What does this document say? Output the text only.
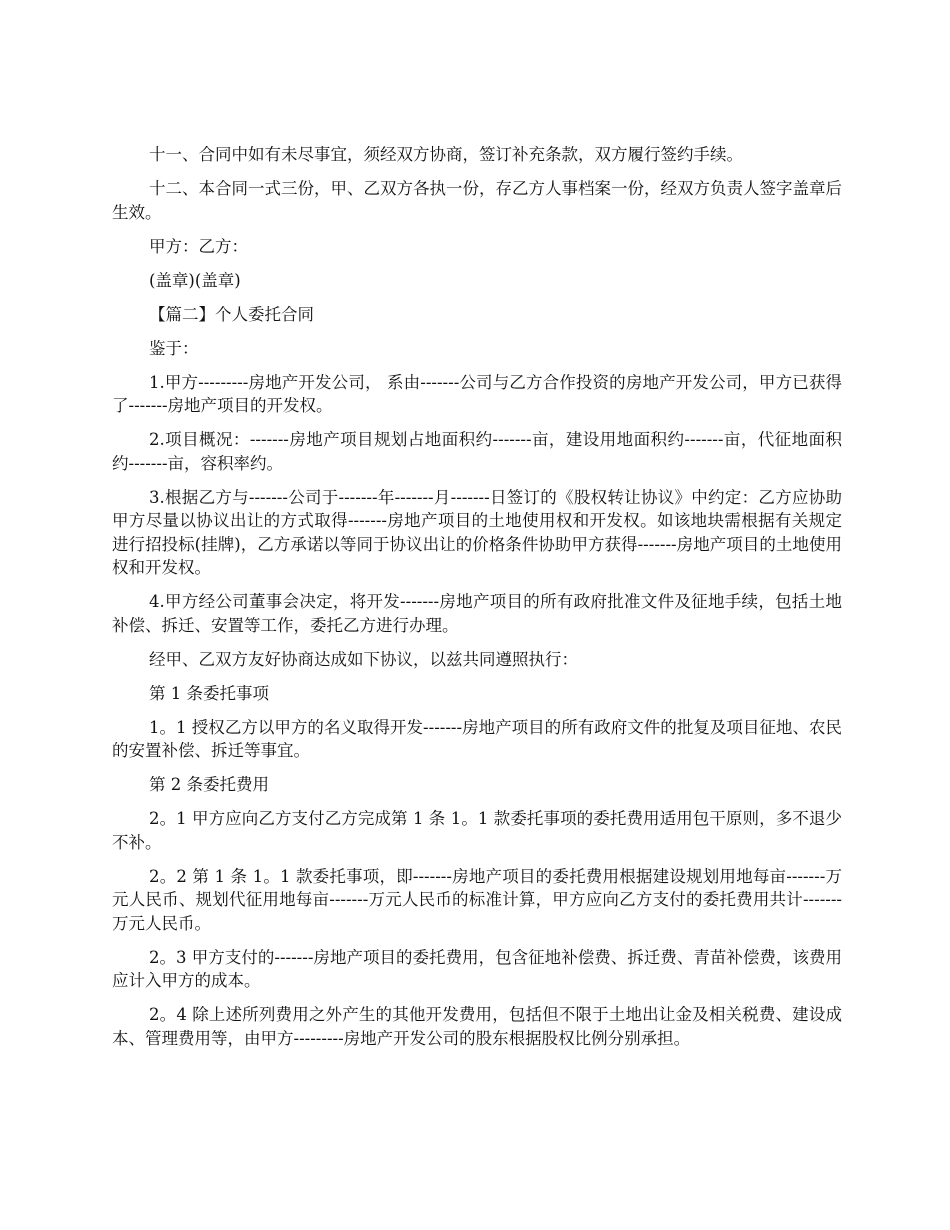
十一、合同中如有未尽事宜，须经双方协商，签订补充条款，双方履行签约手续。

十二、本合同一式三份，甲、乙双方各执一份，存乙方人事档案一份，经双方负责人签字盖章后生效。

甲方：乙方：

(盖章)(盖章)

【篇二】个人委托合同

鉴于：

1.甲方---------房地产开发公司， 系由-------公司与乙方合作投资的房地产开发公司，甲方已获得了-------房地产项目的开发权。

2.项目概况：-------房地产项目规划占地面积约-------亩，建设用地面积约-------亩，代征地面积约-------亩，容积率约。

3.根据乙方与-------公司于-------年-------月-------日签订的《股权转让协议》中约定：乙方应协助甲方尽量以协议出让的方式取得-------房地产项目的土地使用权和开发权。如该地块需根据有关规定进行招投标(挂牌)，乙方承诺以等同于协议出让的价格条件协助甲方获得-------房地产项目的土地使用权和开发权。

4.甲方经公司董事会决定，将开发-------房地产项目的所有政府批准文件及征地手续，包括土地补偿、拆迁、安置等工作，委托乙方进行办理。

经甲、乙双方友好协商达成如下协议，以兹共同遵照执行：

第 1 条委托事项

1。1 授权乙方以甲方的名义取得开发-------房地产项目的所有政府文件的批复及项目征地、农民的安置补偿、拆迁等事宜。

第 2 条委托费用

2。1 甲方应向乙方支付乙方完成第 1 条 1。1 款委托事项的委托费用适用包干原则，多不退少不补。

2。2 第 1 条 1。1 款委托事项，即-------房地产项目的委托费用根据建设规划用地每亩-------万元人民币、规划代征用地每亩-------万元人民币的标准计算，甲方应向乙方支付的委托费用共计-------万元人民币。

2。3 甲方支付的-------房地产项目的委托费用，包含征地补偿费、拆迁费、青苗补偿费，该费用应计入甲方的成本。

2。4 除上述所列费用之外产生的其他开发费用，包括但不限于土地出让金及相关税费、建设成本、管理费用等，由甲方---------房地产开发公司的股东根据股权比例分别承担。
